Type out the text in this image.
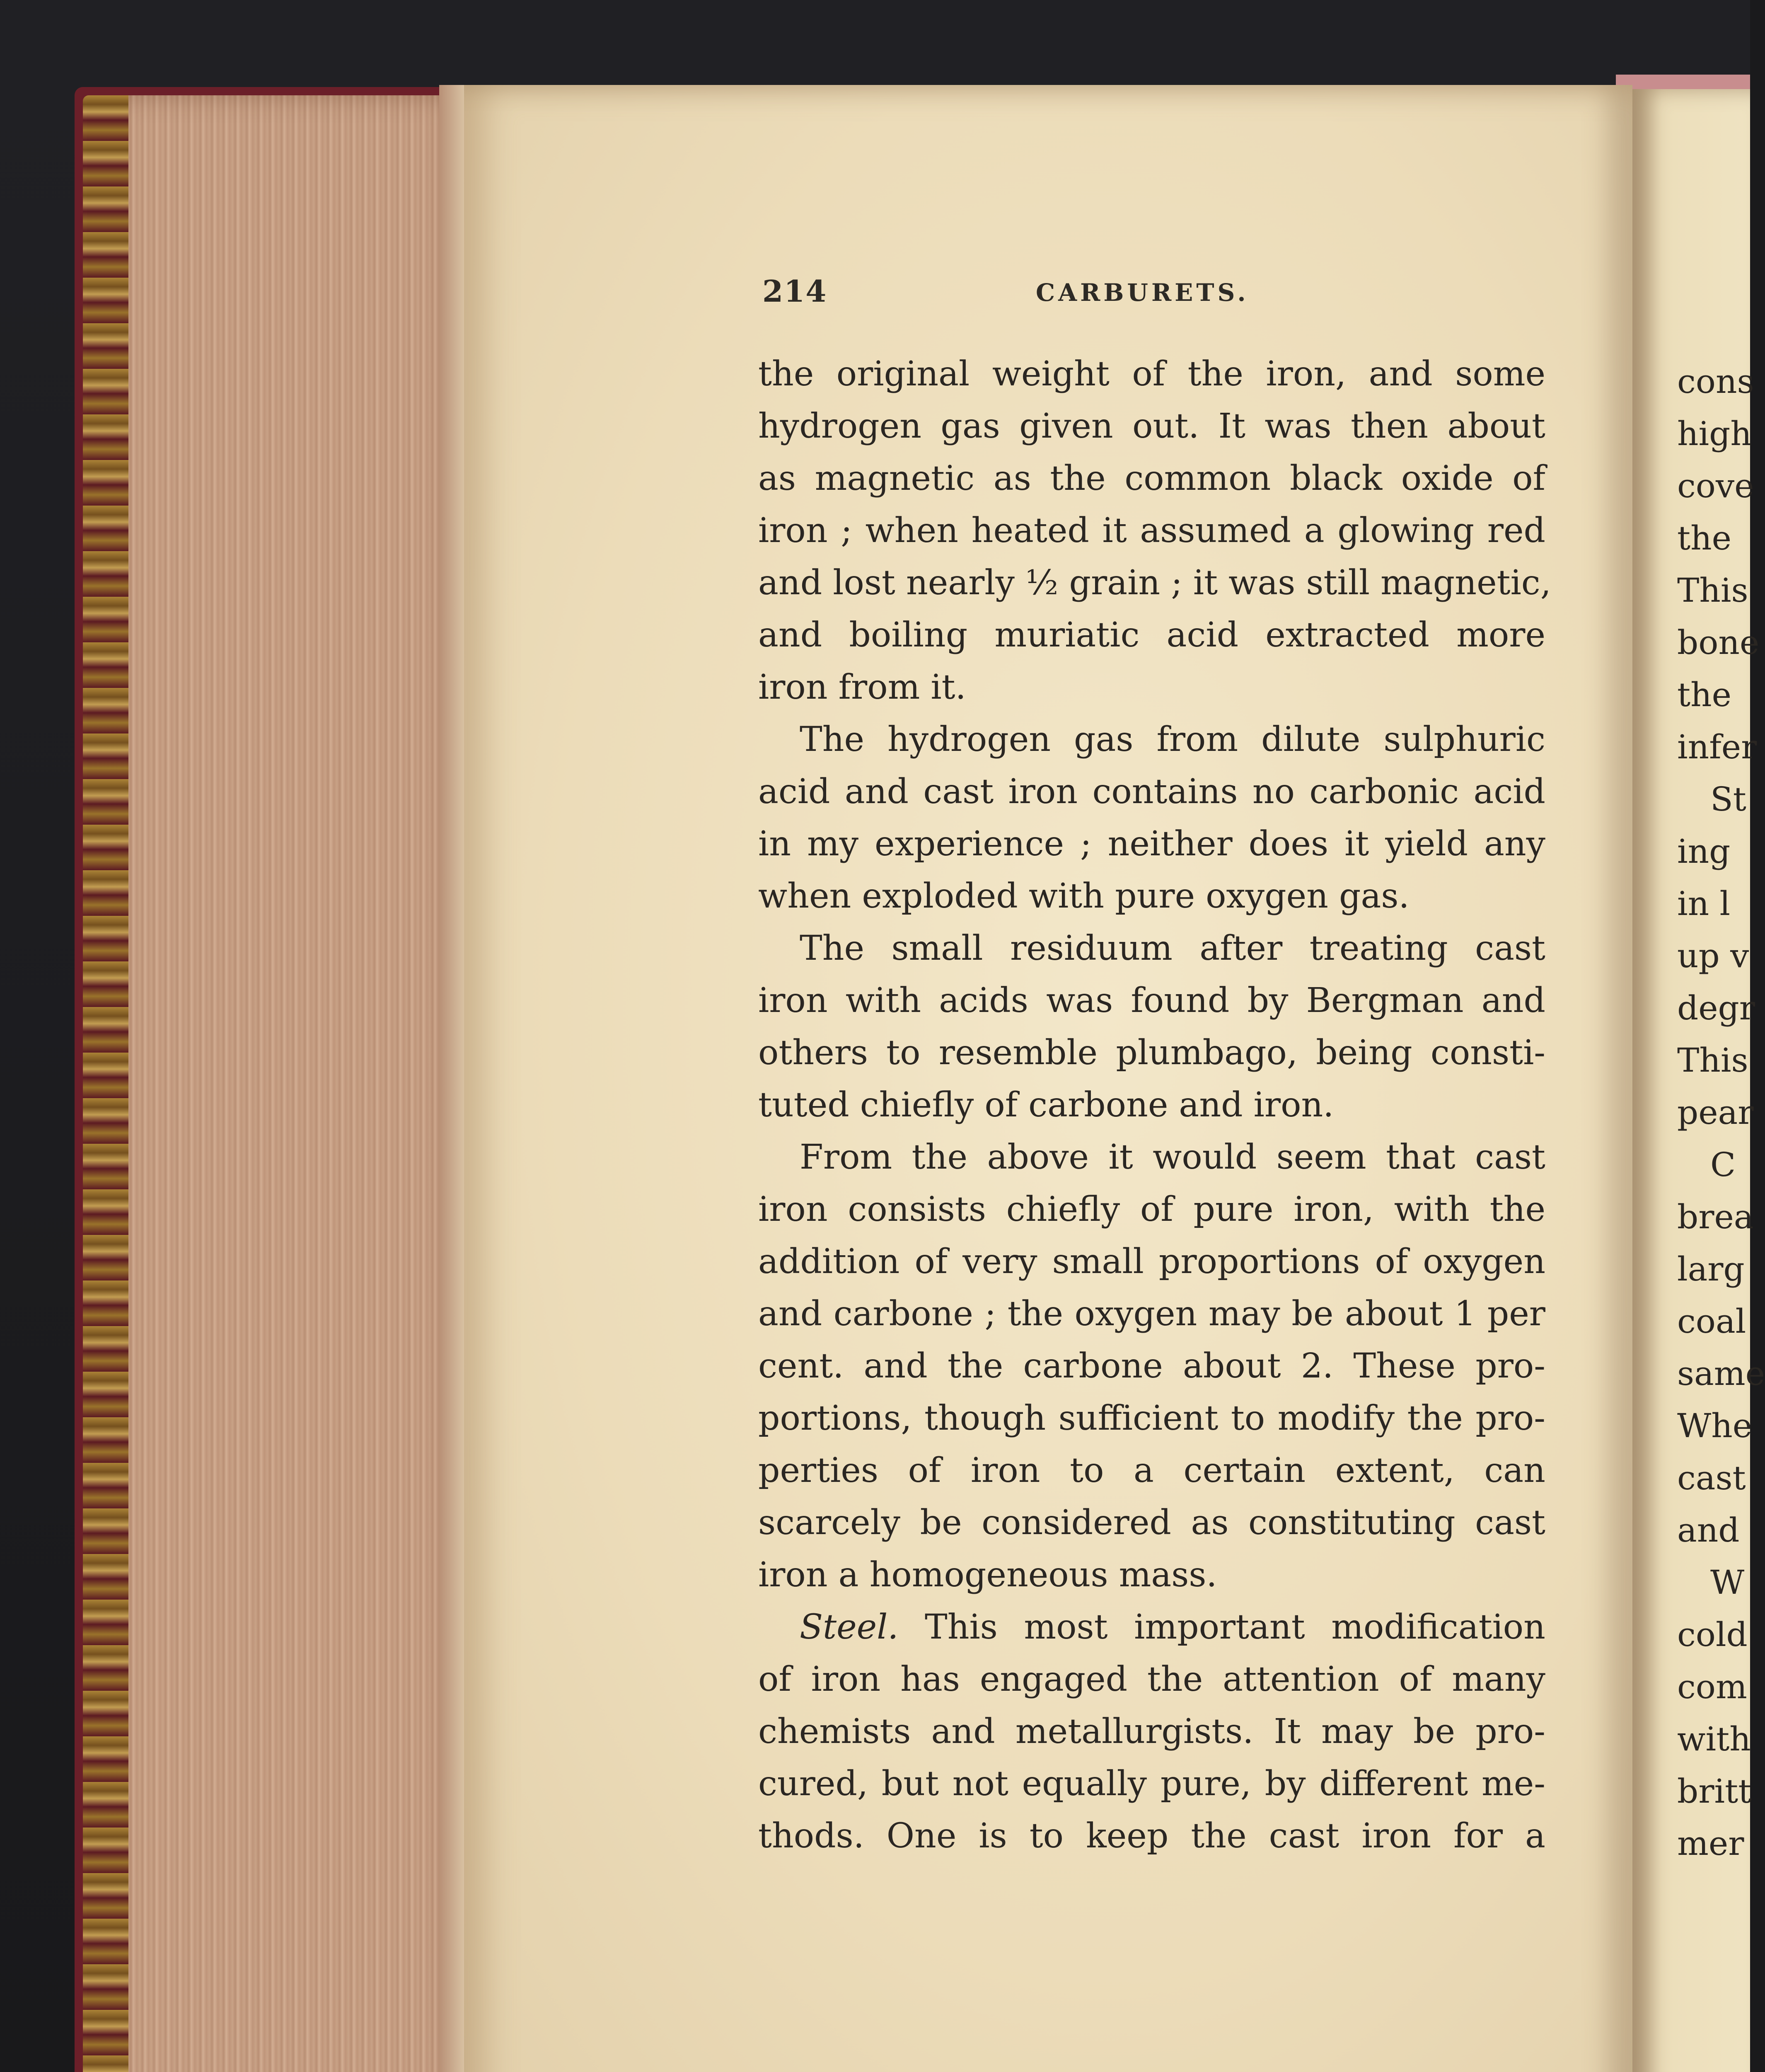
214	CARBURETS.
the original weight of the iron, and some
hydrogen gas given out. It was then about
as magnetic as the common black oxide of
iron ; when heated it assumed a glowing red
and lost nearly ½ grain ; it was still magnetic,
and boiling muriatic acid extracted more
iron from it.
The hydrogen gas from dilute sulphuric
acid and cast iron contains no carbonic acid
in my experience ; neither does it yield any
when exploded with pure oxygen gas.
The small residuum after treating cast
iron with acids was found by Bergman and
others to resemble plumbago, being consti-
tuted chiefly of carbone and iron.
From the above it would seem that cast
iron consists chiefly of pure iron, with the
addition of very small proportions of oxygen
and carbone ; the oxygen may be about 1 per
cent. and the carbone about 2. These pro-
portions, though sufficient to modify the pro-
perties of iron to a certain extent, can
scarcely be considered as constituting cast
iron a homogeneous mass.
Steel. This most important modification
of iron has engaged the attention of many
chemists and metallurgists. It may be pro-
cured, but not equally pure, by different me-
thods. One is to keep the cast iron for a
cons
high
cove
the
This
bone
the
infer
St
ing
in l
up v
degr
This
pear
C
brea
larg
coal
same
Whe
cast
and
W
cold
com
with
britt
mer
